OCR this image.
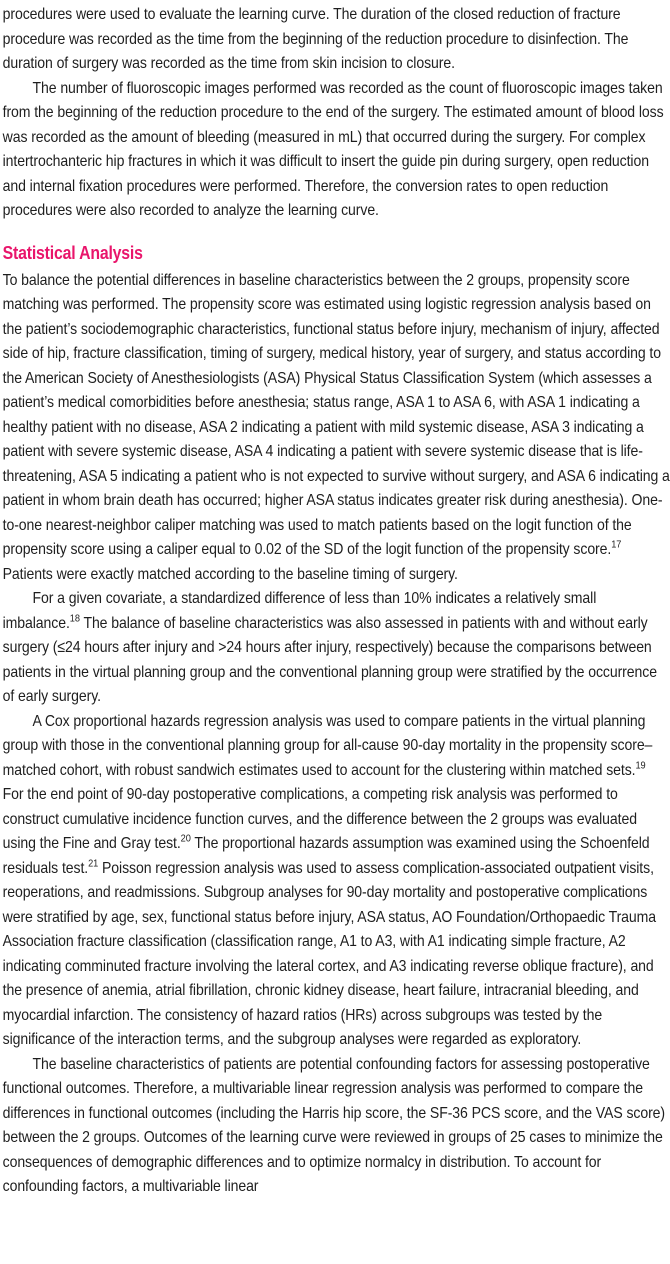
procedures were used to evaluate the learning curve. The duration of the closed reduction of fracture procedure was recorded as the time from the beginning of the reduction procedure to disinfection. The duration of surgery was recorded as the time from skin incision to closure.

The number of fluoroscopic images performed was recorded as the count of fluoroscopic images taken from the beginning of the reduction procedure to the end of the surgery. The estimated amount of blood loss was recorded as the amount of bleeding (measured in mL) that occurred during the surgery. For complex intertrochanteric hip fractures in which it was difficult to insert the guide pin during surgery, open reduction and internal fixation procedures were performed. Therefore, the conversion rates to open reduction procedures were also recorded to analyze the learning curve.

Statistical Analysis

To balance the potential differences in baseline characteristics between the 2 groups, propensity score matching was performed. The propensity score was estimated using logistic regression analysis based on the patient’s sociodemographic characteristics, functional status before injury, mechanism of injury, affected side of hip, fracture classification, timing of surgery, medical history, year of surgery, and status according to the American Society of Anesthesiologists (ASA) Physical Status Classification System (which assesses a patient’s medical comorbidities before anesthesia; status range, ASA 1 to ASA 6, with ASA 1 indicating a healthy patient with no disease, ASA 2 indicating a patient with mild systemic disease, ASA 3 indicating a patient with severe systemic disease, ASA 4 indicating a patient with severe systemic disease that is life-threatening, ASA 5 indicating a patient who is not expected to survive without surgery, and ASA 6 indicating a patient in whom brain death has occurred; higher ASA status indicates greater risk during anesthesia). One-to-one nearest-neighbor caliper matching was used to match patients based on the logit function of the propensity score using a caliper equal to 0.02 of the SD of the logit function of the propensity score.$^{17}$ Patients were exactly matched according to the baseline timing of surgery.

For a given covariate, a standardized difference of less than 10% indicates a relatively small imbalance.$^{18}$ The balance of baseline characteristics was also assessed in patients with and without early surgery (≤24 hours after injury and >24 hours after injury, respectively) because the comparisons between patients in the virtual planning group and the conventional planning group were stratified by the occurrence of early surgery.

A Cox proportional hazards regression analysis was used to compare patients in the virtual planning group with those in the conventional planning group for all-cause 90-day mortality in the propensity score–matched cohort, with robust sandwich estimates used to account for the clustering within matched sets.$^{19}$ For the end point of 90-day postoperative complications, a competing risk analysis was performed to construct cumulative incidence function curves, and the difference between the 2 groups was evaluated using the Fine and Gray test.$^{20}$ The proportional hazards assumption was examined using the Schoenfeld residuals test.$^{21}$ Poisson regression analysis was used to assess complication-associated outpatient visits, reoperations, and readmissions. Subgroup analyses for 90-day mortality and postoperative complications were stratified by age, sex, functional status before injury, ASA status, AO Foundation/Orthopaedic Trauma Association fracture classification (classification range, A1 to A3, with A1 indicating simple fracture, A2 indicating comminuted fracture involving the lateral cortex, and A3 indicating reverse oblique fracture), and the presence of anemia, atrial fibrillation, chronic kidney disease, heart failure, intracranial bleeding, and myocardial infarction. The consistency of hazard ratios (HRs) across subgroups was tested by the significance of the interaction terms, and the subgroup analyses were regarded as exploratory.

The baseline characteristics of patients are potential confounding factors for assessing postoperative functional outcomes. Therefore, a multivariable linear regression analysis was performed to compare the differences in functional outcomes (including the Harris hip score, the SF-36 PCS score, and the VAS score) between the 2 groups. Outcomes of the learning curve were reviewed in groups of 25 cases to minimize the consequences of demographic differences and to optimize normalcy in distribution. To account for confounding factors, a multivariable linear
